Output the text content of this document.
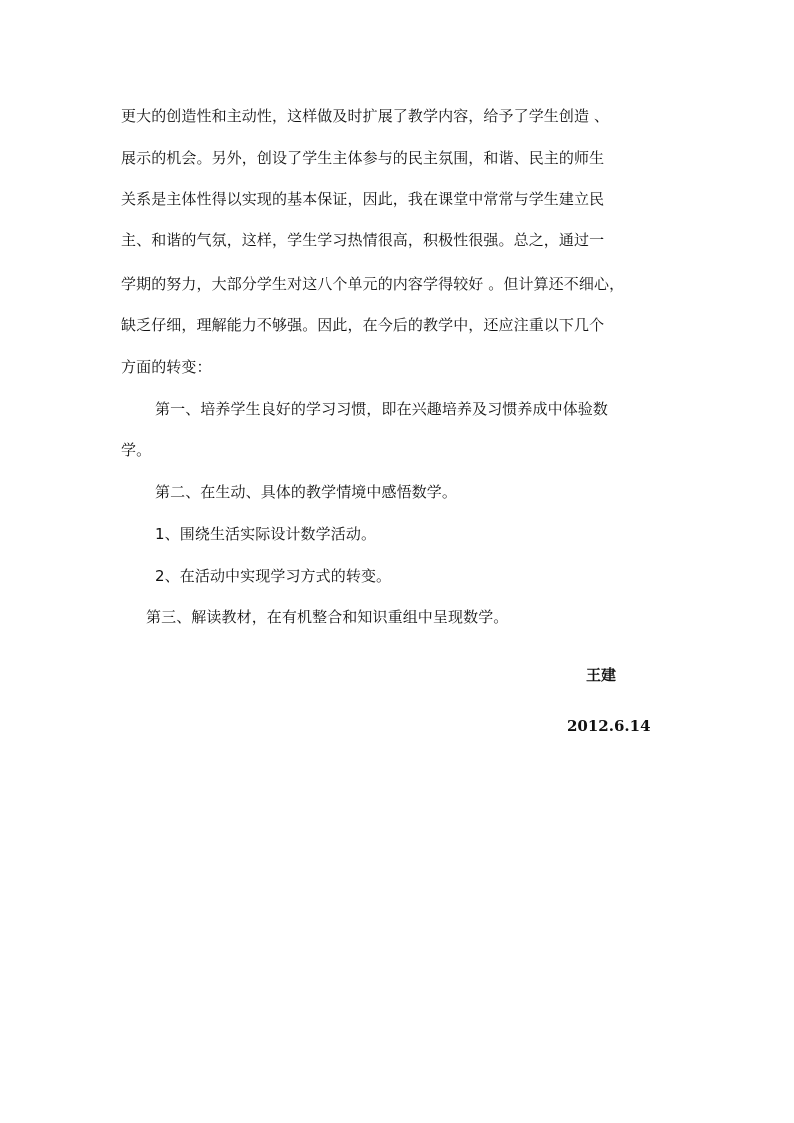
更大的创造性和主动性，这样做及时扩展了教学内容，给予了学生创造 、
展示的机会。另外，创设了学生主体参与的民主氛围，和谐、民主的师生
关系是主体性得以实现的基本保证，因此，我在课堂中常常与学生建立民
主、和谐的气氛，这样，学生学习热情很高，积极性很强。总之，通过一
学期的努力，大部分学生对这八个单元的内容学得较好 。但计算还不细心，
缺乏仔细，理解能力不够强。因此，在今后的教学中，还应注重以下几个
方面的转变：
第一、培养学生良好的学习习惯，即在兴趣培养及习惯养成中体验数
学。
第二、在生动、具体的教学情境中感悟数学。
1、围绕生活实际设计数学活动。
2、在活动中实现学习方式的转变。
第三、解读教材，在有机整合和知识重组中呈现数学。
王建
2012.6.14
